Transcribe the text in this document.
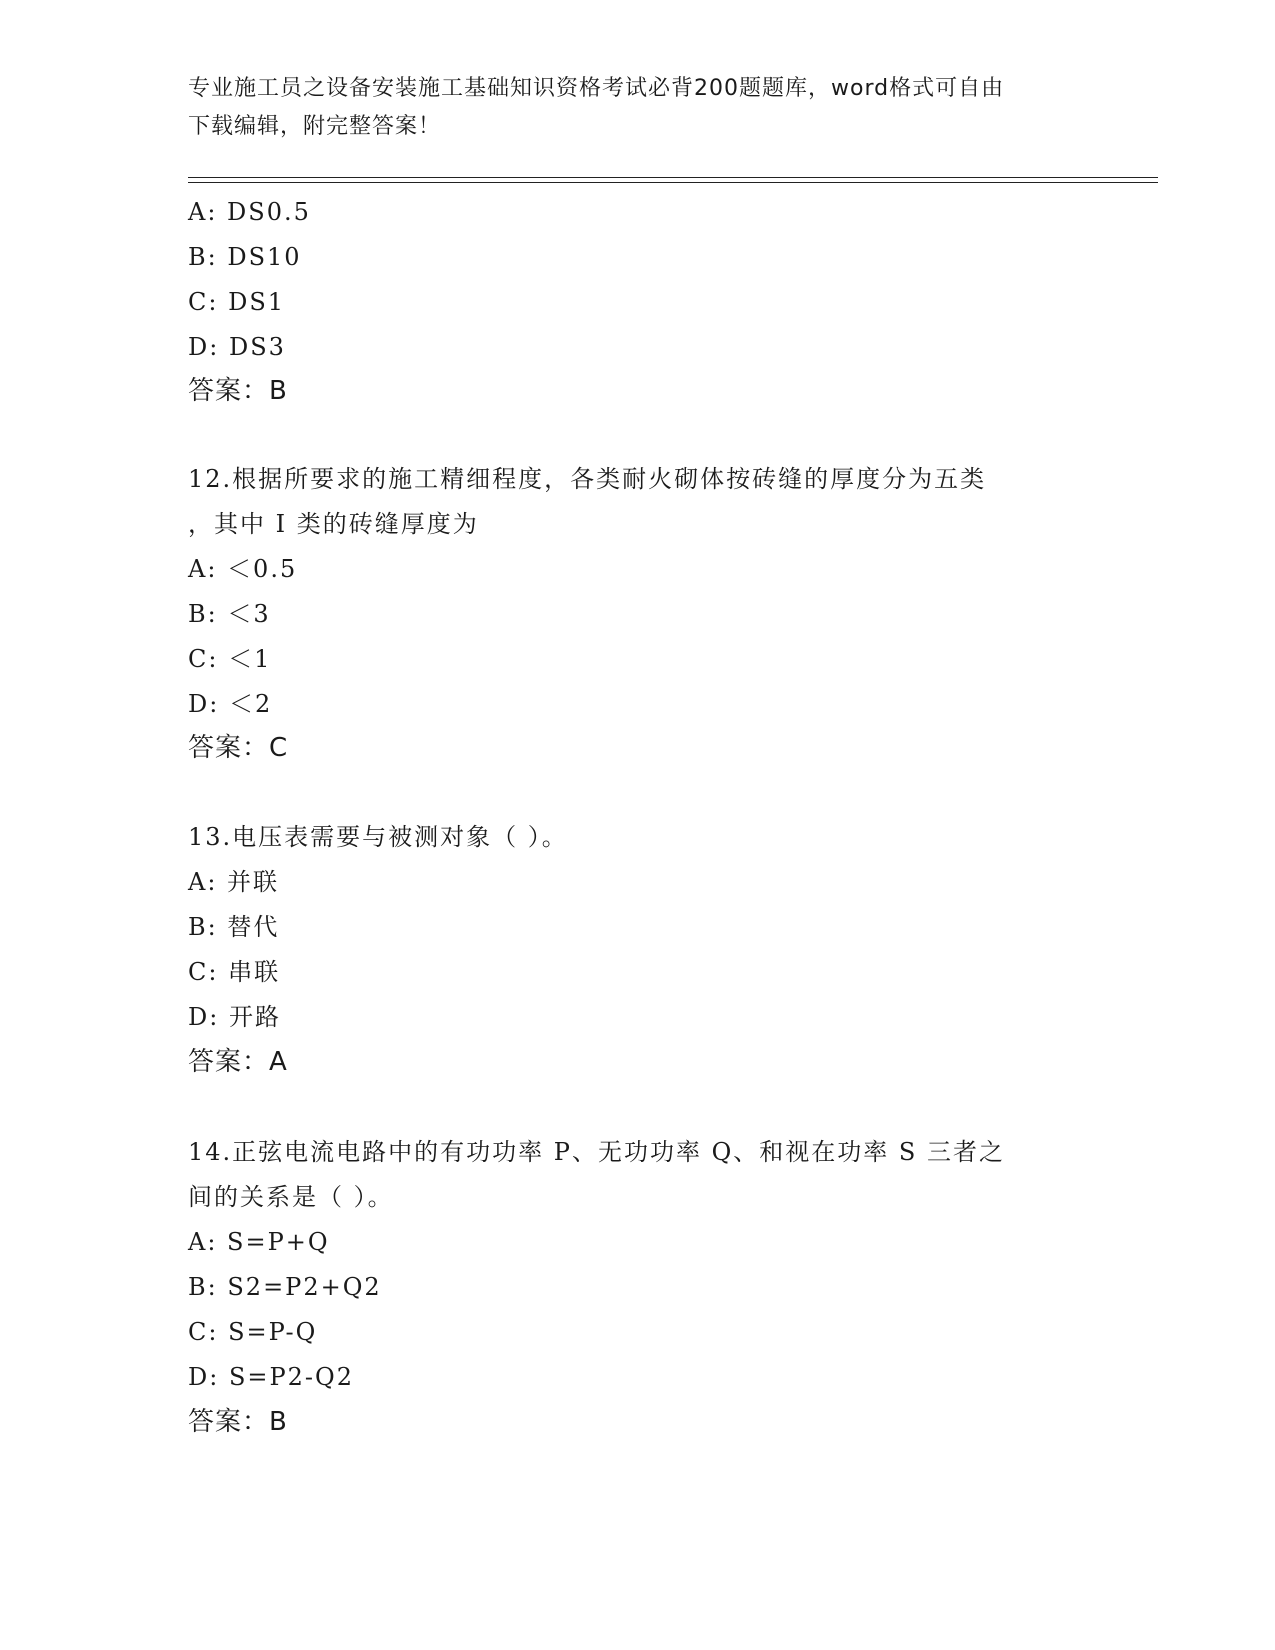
专业施工员之设备安装施工基础知识资格考试必背200题题库，word格式可自由
下载编辑，附完整答案！
A: DS0.5
B: DS10
C: DS1
D: DS3
答案：B
12.根据所要求的施工精细程度，各类耐火砌体按砖缝的厚度分为五类
，其中 I 类的砖缝厚度为
A: ＜0.5
B: ＜3
C: ＜1
D: ＜2
答案：C
13.电压表需要与被测对象（ ）。
A: 并联
B: 替代
C: 串联
D: 开路
答案：A
14.正弦电流电路中的有功功率 P、无功功率 Q、和视在功率 S 三者之
间的关系是（ ）。
A: S=P+Q
B: S2=P2+Q2
C: S=P-Q
D: S=P2-Q2
答案：B
